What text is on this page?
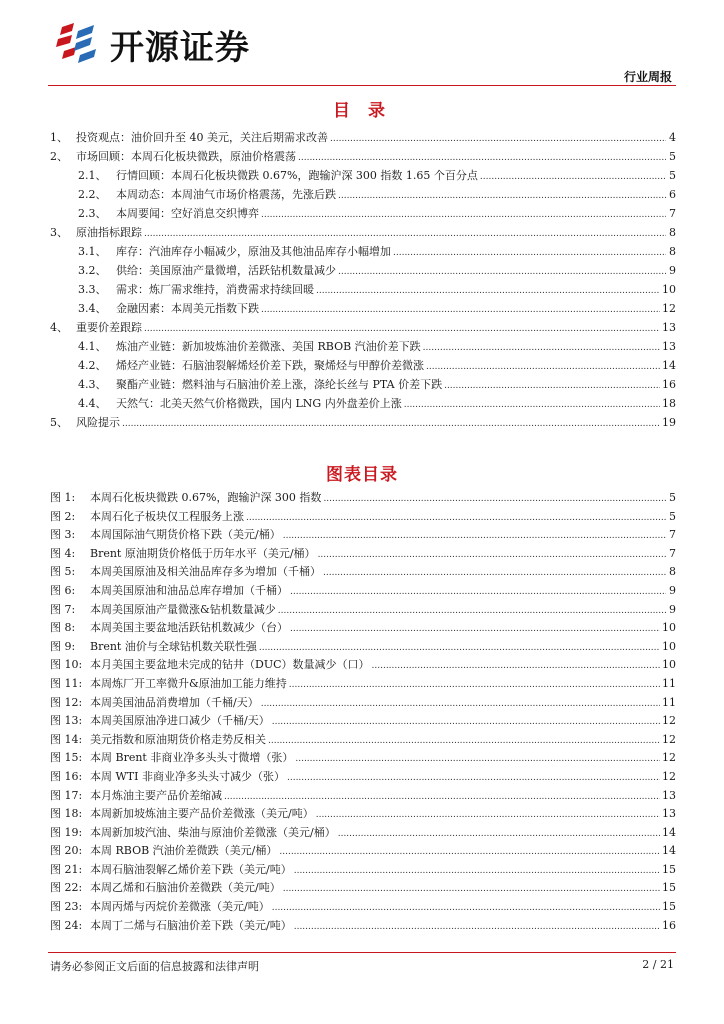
开源证券
行业周报
目 录
1、 投资观点：油价回升至 40 美元，关注后期需求改善 .....	4
2、 市场回顾：本周石化板块微跌，原油价格震荡 .....	5
2.1、 行情回顾：本周石化板块微跌 0.67%，跑输沪深 300 指数 1.65 个百分点 .....	5
2.2、 本周动态：本周油气市场价格震荡，先涨后跌 .....	6
2.3、 本周要闻：空好消息交织博弈 .....	7
3、 原油指标跟踪 .....	8
3.1、 库存：汽油库存小幅减少，原油及其他油品库存小幅增加 .....	8
3.2、 供给：美国原油产量微增，活跃钻机数量减少 .....	9
3.3、 需求：炼厂需求维持，消费需求持续回暖 .....	10
3.4、 金融因素：本周美元指数下跌 .....	12
4、 重要价差跟踪 .....	13
4.1、 炼油产业链：新加坡炼油价差微涨、美国 RBOB 汽油价差下跌 .....	13
4.2、 烯烃产业链：石脑油裂解烯烃价差下跌，聚烯烃与甲醇价差微涨 .....	14
4.3、 聚酯产业链：燃料油与石脑油价差上涨，涤纶长丝与 PTA 价差下跌 .....	16
4.4、 天然气：北美天然气价格微跌，国内 LNG 内外盘差价上涨 .....	18
5、 风险提示 .....	19
图表目录
图 1:	本周石化板块微跌 0.67%，跑输沪深 300 指数 .....	5
图 2:	本周石化子板块仅工程服务上涨 .....	5
图 3:	本周国际油气期货价格下跌（美元/桶） .....	7
图 4:	Brent 原油期货价格低于历年水平（美元/桶） .....	7
图 5:	本周美国原油及相关油品库存多为增加（千桶） .....	8
图 6:	本周美国原油和油品总库存增加（千桶） .....	9
图 7:	本周美国原油产量微涨&钻机数量减少 .....	9
图 8:	本周美国主要盆地活跃钻机数减少（台） .....	10
图 9:	Brent 油价与全球钻机数关联性强 .....	10
图 10: 本月美国主要盆地未完成的钻井（DUC）数量减少（口） .....	10
图 11: 本周炼厂开工率微升&原油加工能力维持 .....	11
图 12: 本周美国油品消费增加（千桶/天） .....	11
图 13: 本周美国原油净进口减少（千桶/天） .....	12
图 14: 美元指数和原油期货价格走势反相关 .....	12
图 15: 本周 Brent 非商业净多头头寸微增（张） .....	12
图 16: 本周 WTI 非商业净多头头寸减少（张） .....	12
图 17: 本月炼油主要产品价差缩减 .....	13
图 18: 本周新加坡炼油主要产品价差微涨（美元/吨） .....	13
图 19: 本周新加坡汽油、柴油与原油价差微涨（美元/桶） .....	14
图 20: 本周 RBOB 汽油价差微跌（美元/桶） .....	14
图 21: 本周石脑油裂解乙烯价差下跌（美元/吨） .....	15
图 22: 本周乙烯和石脑油价差微跌（美元/吨） .....	15
图 23: 本周丙烯与丙烷价差微涨（美元/吨） .....	15
图 24: 本周丁二烯与石脑油价差下跌（美元/吨） .....	16
请务必参阅正文后面的信息披露和法律声明	2 / 21
